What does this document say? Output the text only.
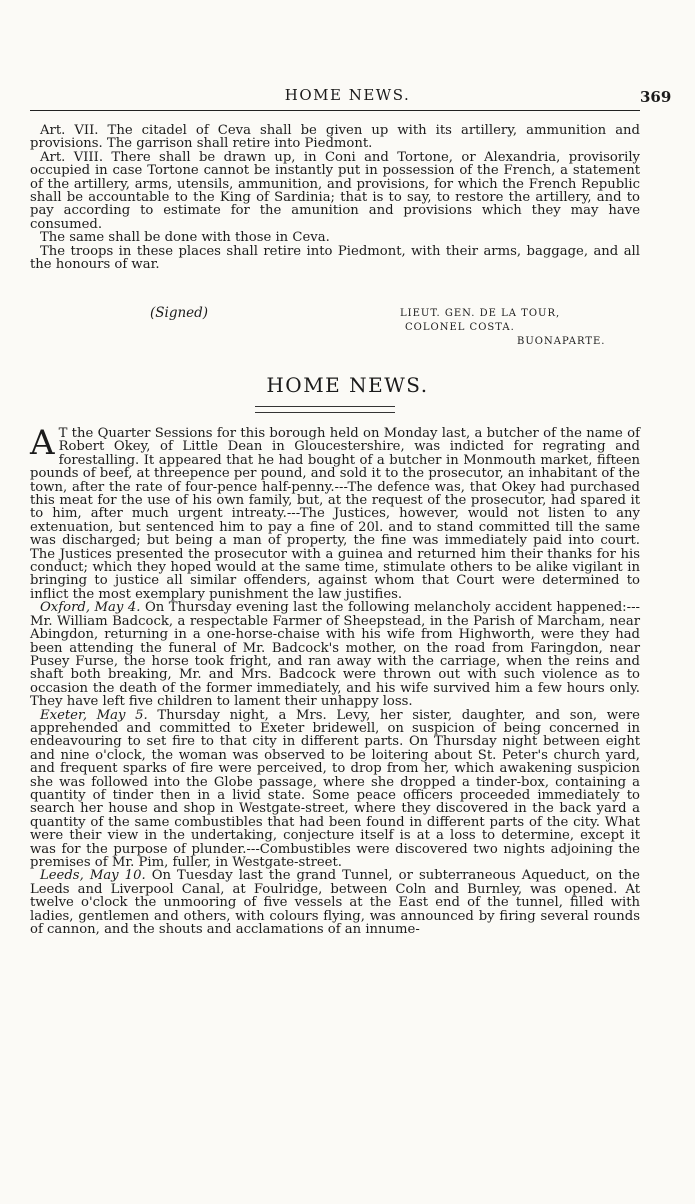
HOME NEWS.	369

Art. VII. The citadel of Ceva shall be given up with its artillery, ammunition and provisions. The garrison shall retire into Piedmont.

Art. VIII. There shall be drawn up, in Coni and Tortone, or Alexandria, provisorily occupied in case Tortone cannot be instantly put in possession of the French, a statement of the artillery, arms, utensils, ammunition, and provisions, for which the French Republic shall be accountable to the King of Sardinia; that is to say, to restore the artillery, and to pay according to estimate for the amunition and provisions which they may have consumed.

The same shall be done with those in Ceva.

The troops in these places shall retire into Piedmont, with their arms, baggage, and all the honours of war.

(Signed)	LIEUT. GEN. DE LA TOUR,
COLONEL COSTA.
BUONAPARTE.
HOME NEWS.

A T the Quarter Sessions for this borough held on Monday last, a butcher of the name of Robert Okey, of Little Dean in Gloucestershire, was indicted for regrating and forestalling. It appeared that he had bought of a butcher in Monmouth market, fifteen pounds of beef, at threepence per pound, and sold it to the prosecutor, an inhabitant of the town, after the rate of four-pence half-penny.---The defence was, that Okey had purchased this meat for the use of his own family, but, at the request of the prosecutor, had spared it to him, after much urgent intreaty.---The Justices, however, would not listen to any extenuation, but sentenced him to pay a fine of 20l. and to stand committed till the same was discharged; but being a man of property, the fine was immediately paid into court. The Justices presented the prosecutor with a guinea and returned him their thanks for his conduct; which they hoped would at the same time, stimulate others to be alike vigilant in bringing to justice all similar offenders, against whom that Court were determined to inflict the most exemplary punishment the law justifies.

Oxford, May 4. On Thursday evening last the following melancholy accident happened:---Mr. William Badcock, a respectable Farmer of Sheepstead, in the Parish of Marcham, near Abingdon, returning in a one-horse-chaise with his wife from Highworth, were they had been attending the funeral of Mr. Badcock's mother, on the road from Faringdon, near Pusey Furse, the horse took fright, and ran away with the carriage, when the reins and shaft both breaking, Mr. and Mrs. Badcock were thrown out with such violence as to occasion the death of the former immediately, and his wife survived him a few hours only. They have left five children to lament their unhappy loss.

Exeter, May 5. Thursday night, a Mrs. Levy, her sister, daughter, and son, were apprehended and committed to Exeter bridewell, on suspicion of being concerned in endeavouring to set fire to that city in different parts. On Thursday night between eight and nine o'clock, the woman was observed to be loitering about St. Peter's church yard, and frequent sparks of fire were perceived, to drop from her, which awakening suspicion she was followed into the Globe passage, where she dropped a tinder-box, containing a quantity of tinder then in a livid state. Some peace officers proceeded immediately to search her house and shop in Westgate-street, where they discovered in the back yard a quantity of the same combustibles that had been found in different parts of the city. What were their view in the undertaking, conjecture itself is at a loss to determine, except it was for the purpose of plunder.---Combustibles were discovered two nights adjoining the premises of Mr. Pim, fuller, in Westgate-street.

Leeds, May 10. On Tuesday last the grand Tunnel, or subterraneous Aqueduct, on the Leeds and Liverpool Canal, at Foulridge, between Coln and Burnley, was opened. At twelve o'clock the unmooring of five vessels at the East end of the tunnel, filled with ladies, gentlemen and others, with colours flying, was announced by firing several rounds of cannon, and the shouts and acclamations of an innume-
